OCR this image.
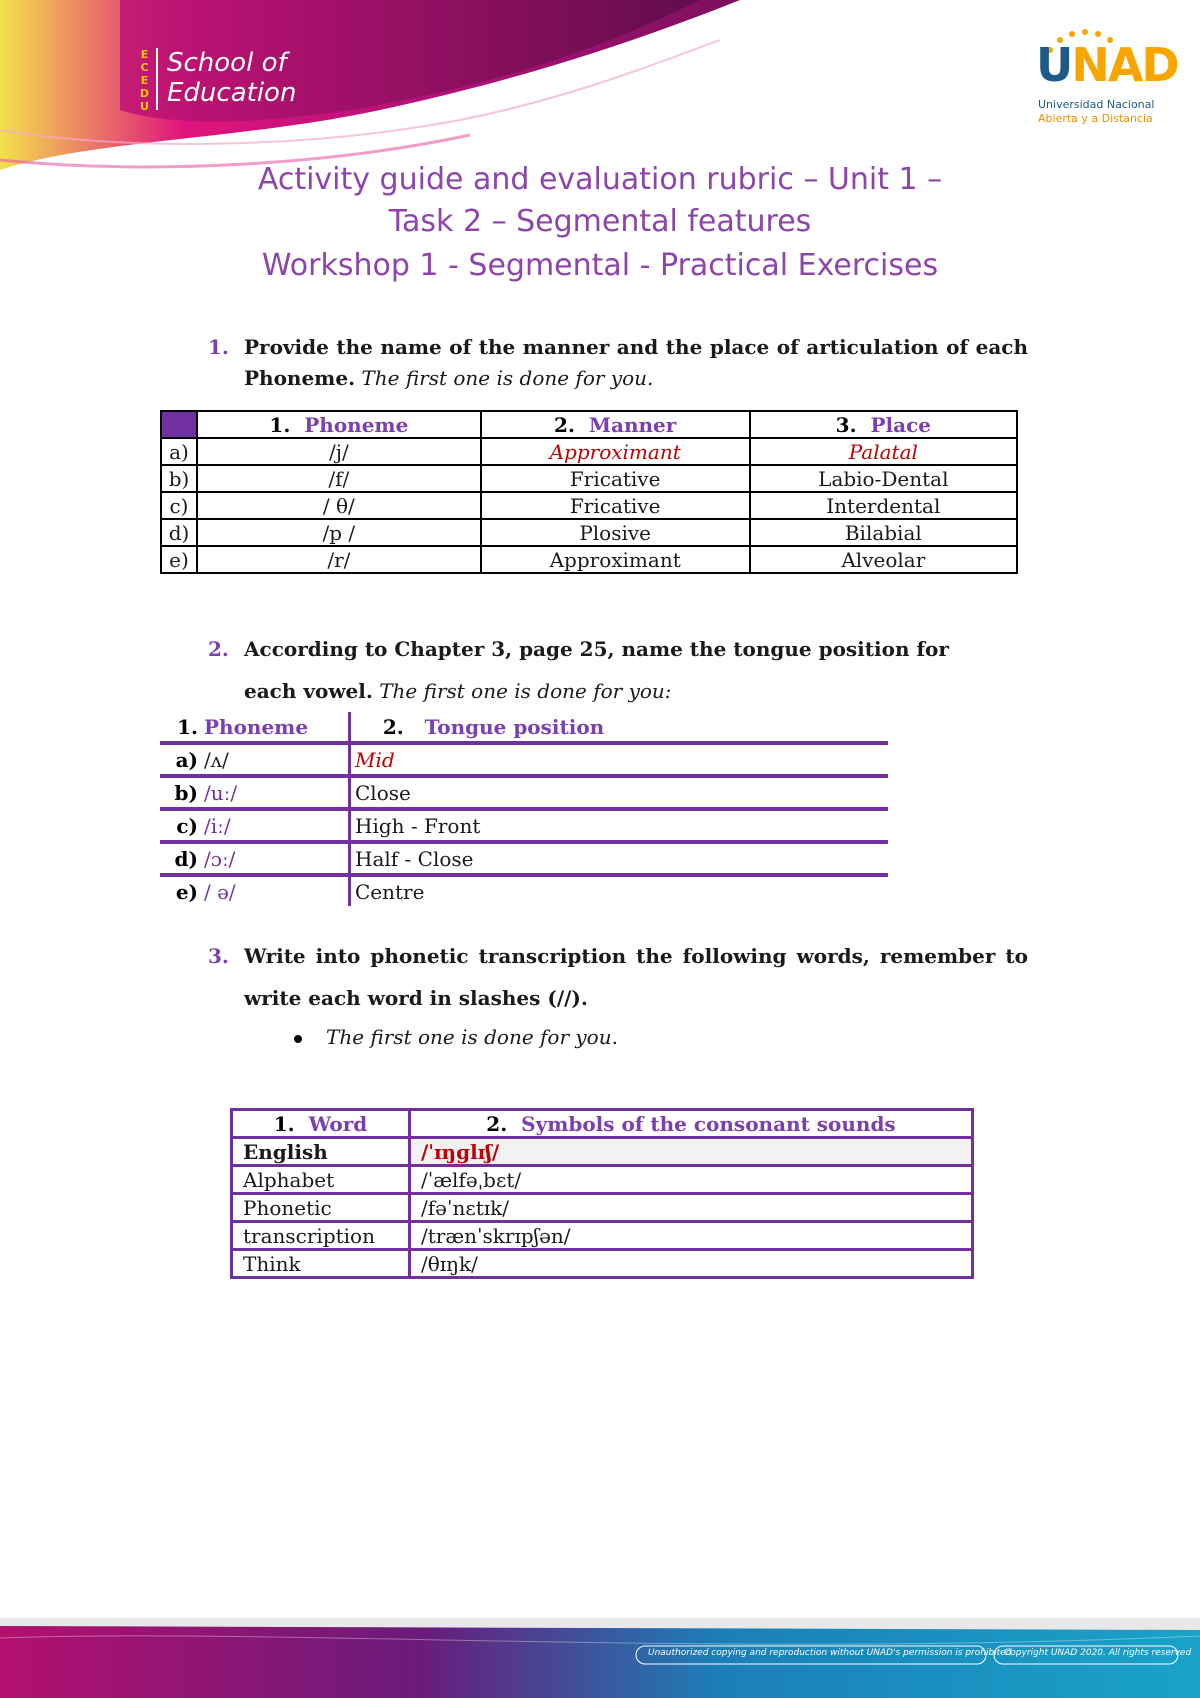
E
C
E
D
U
School of
Education
UNAD
Universidad Nacional
Abierta y a Distancia
Activity guide and evaluation rubric – Unit 1 –
Task 2 – Segmental features
Workshop 1 - Segmental - Practical Exercises
1. Provide the name of the manner and the place of articulation of each Phoneme. The first one is done for you.
	1. Phoneme	2. Manner	3. Place
a)	/j/	Approximant	Palatal
b)	/f/	Fricative	Labio-Dental
c)	/ θ/	Fricative	Interdental
d)	/p /	Plosive	Bilabial
e)	/r/	Approximant	Alveolar
2. According to Chapter 3, page 25, name the tongue position for each vowel. The first one is done for you:
1. Phoneme	2. Tongue position
a) /ʌ/	Mid
b) /uː/	Close
c) /iː/	High - Front
d) /ɔː/	Half - Close
e) / ə/	Centre
3. Write into phonetic transcription the following words, remember to write each word in slashes (//).
The first one is done for you.
1. Word	2. Symbols of the consonant sounds
English	/ˈɪŋɡlɪʃ/
Alphabet	/ˈælfəˌbɛt/
Phonetic	/fəˈnɛtɪk/
transcription	/trænˈskrɪpʃən/
Think	/θɪŋk/
Unauthorized copying and reproduction without UNAD's permission is prohibited
Copyright UNAD 2020. All rights reserved
